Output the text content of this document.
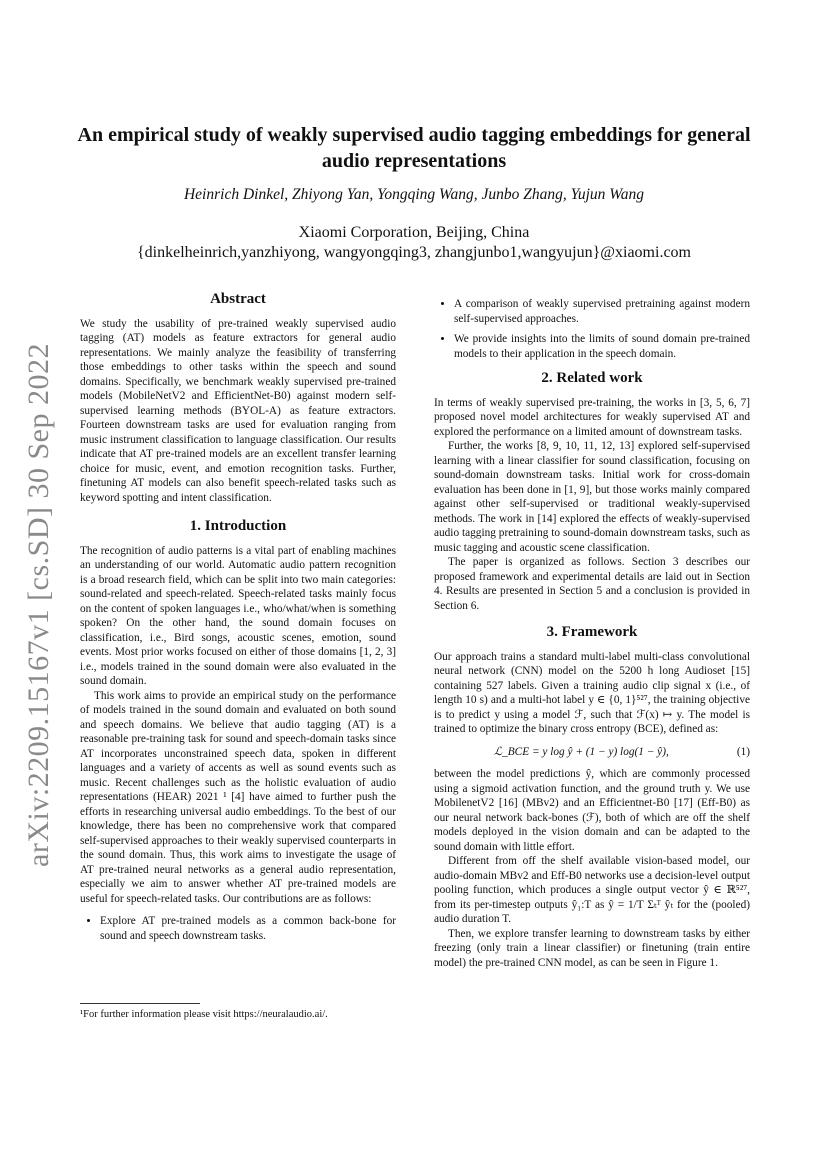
arXiv:2209.15167v1 [cs.SD] 30 Sep 2022
An empirical study of weakly supervised audio tagging embeddings for general audio representations
Heinrich Dinkel, Zhiyong Yan, Yongqing Wang, Junbo Zhang, Yujun Wang
Xiaomi Corporation, Beijing, China
{dinkelheinrich,yanzhiyong, wangyongqing3, zhangjunbo1,wangyujun}@xiaomi.com
Abstract

We study the usability of pre-trained weakly supervised audio tagging (AT) models as feature extractors for general audio representations. We mainly analyze the feasibility of transferring those embeddings to other tasks within the speech and sound domains. Specifically, we benchmark weakly supervised pre-trained models (MobileNetV2 and EfficientNet-B0) against modern self-supervised learning methods (BYOL-A) as feature extractors. Fourteen downstream tasks are used for evaluation ranging from music instrument classification to language classification. Our results indicate that AT pre-trained models are an excellent transfer learning choice for music, event, and emotion recognition tasks. Further, finetuning AT models can also benefit speech-related tasks such as keyword spotting and intent classification.

1. Introduction

The recognition of audio patterns is a vital part of enabling machines an understanding of our world. Automatic audio pattern recognition is a broad research field, which can be split into two main categories: sound-related and speech-related. Speech-related tasks mainly focus on the content of spoken languages i.e., who/what/when is something spoken? On the other hand, the sound domain focuses on classification, i.e., Bird songs, acoustic scenes, emotion, sound events. Most prior works focused on either of those domains [1, 2, 3] i.e., models trained in the sound domain were also evaluated in the sound domain.

This work aims to provide an empirical study on the performance of models trained in the sound domain and evaluated on both sound and speech domains. We believe that audio tagging (AT) is a reasonable pre-training task for sound and speech-domain tasks since AT incorporates unconstrained speech data, spoken in different languages and a variety of accents as well as sound events such as music. Recent challenges such as the holistic evaluation of audio representations (HEAR) 2021 ¹ [4] have aimed to further push the efforts in researching universal audio embeddings. To the best of our knowledge, there has been no comprehensive work that compared self-supervised approaches to their weakly supervised counterparts in the sound domain. Thus, this work aims to investigate the usage of AT pre-trained neural networks as a general audio representation, especially we aim to answer whether AT pre-trained models are useful for speech-related tasks. Our contributions are as follows:

• Explore AT pre-trained models as a common back-bone for sound and speech downstream tasks.
¹For further information please visit https://neuralaudio.ai/.
• A comparison of weakly supervised pretraining against modern self-supervised approaches.
• We provide insights into the limits of sound domain pre-trained models to their application in the speech domain.
2. Related work

In terms of weakly supervised pre-training, the works in [3, 5, 6, 7] proposed novel model architectures for weakly supervised AT and explored the performance on a limited amount of downstream tasks.

Further, the works [8, 9, 10, 11, 12, 13] explored self-supervised learning with a linear classifier for sound classification, focusing on sound-domain downstream tasks. Initial work for cross-domain evaluation has been done in [1, 9], but those works mainly compared against other self-supervised or traditional weakly-supervised methods. The work in [14] explored the effects of weakly-supervised audio tagging pretraining to sound-domain downstream tasks, such as music tagging and acoustic scene classification.

The paper is organized as follows. Section 3 describes our proposed framework and experimental details are laid out in Section 4. Results are presented in Section 5 and a conclusion is provided in Section 6.

3. Framework

Our approach trains a standard multi-label multi-class convolutional neural network (CNN) model on the 5200 h long Audioset [15] containing 527 labels. Given a training audio clip signal x (i.e., of length 10 s) and a multi-hot label y ∈ {0, 1}⁵²⁷, the training objective is to predict y using a model ℱ, such that ℱ(x) ↦ y. The model is trained to optimize the binary cross entropy (BCE), defined as:

ℒ_BCE = y log ŷ + (1 − y) log(1 − ŷ),	(1)

between the model predictions ŷ, which are commonly processed using a sigmoid activation function, and the ground truth y. We use MobilenetV2 [16] (MBv2) and an Efficientnet-B0 [17] (Eff-B0) as our neural network back-bones (ℱ), both of which are off the shelf models deployed in the vision domain and can be adapted to the sound domain with little effort.

Different from off the shelf available vision-based model, our audio-domain MBv2 and Eff-B0 networks use a decision-level output pooling function, which produces a single output vector ŷ ∈ ℝ⁵²⁷, from its per-timestep outputs ŷ₁:T as ŷ = 1/T Σₜᵀ ŷₜ for the (pooled) audio duration T.

Then, we explore transfer learning to downstream tasks by either freezing (only train a linear classifier) or finetuning (train entire model) the pre-trained CNN model, as can be seen in Figure 1.
